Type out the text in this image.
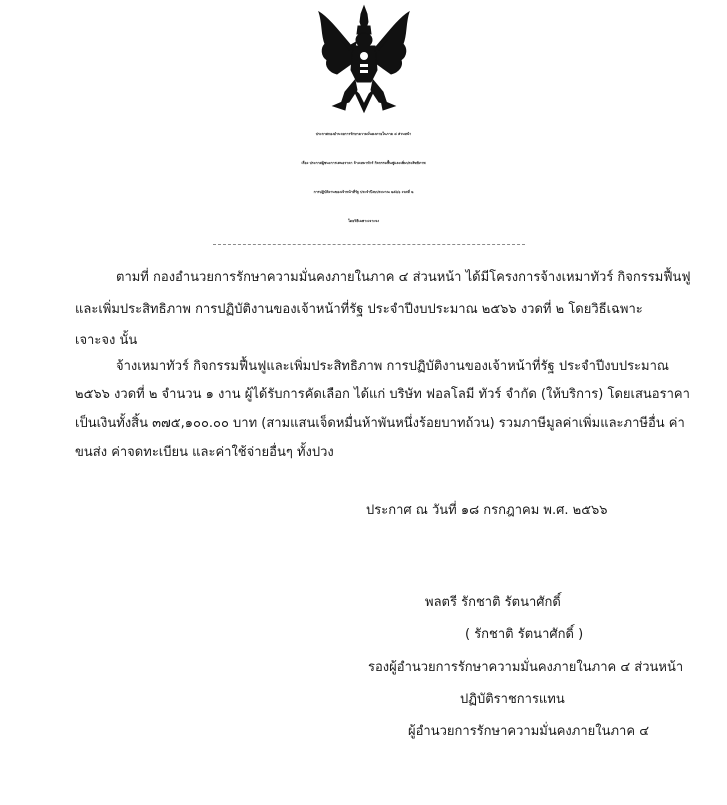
ประกาศกองอำนวยการรักษาความมั่นคงภายในภาค ๔ ส่วนหน้า
เรื่อง ประกาศผู้ชนะการเสนอราคา จ้างเหมาทัวร์ กิจกรรมฟื้นฟูและเพิ่มประสิทธิภาพ
การปฏิบัติงานของเจ้าหน้าที่รัฐ ประจำปีงบประมาณ ๒๕๖๖ งวดที่ ๒
โดยวิธีเฉพาะเจาะจง
ตามที่ กองอำนวยการรักษาความมั่นคงภายในภาค ๔ ส่วนหน้า ได้มีโครงการจ้างเหมาทัวร์ กิจกรรมฟื้นฟู
และเพิ่มประสิทธิภาพ การปฏิบัติงานของเจ้าหน้าที่รัฐ ประจำปีงบประมาณ ๒๕๖๖ งวดที่ ๒ โดยวิธีเฉพาะ
เจาะจง นั้น
จ้างเหมาทัวร์ กิจกรรมฟื้นฟูและเพิ่มประสิทธิภาพ การปฏิบัติงานของเจ้าหน้าที่รัฐ ประจำปีงบประมาณ
๒๕๖๖ งวดที่ ๒ จำนวน ๑ งาน ผู้ได้รับการคัดเลือก ได้แก่ บริษัท ฟอลโลมี ทัวร์ จำกัด (ให้บริการ) โดยเสนอราคา
เป็นเงินทั้งสิ้น ๓๗๕,๑๐๐.๐๐ บาท (สามแสนเจ็ดหมื่นห้าพันหนึ่งร้อยบาทถ้วน) รวมภาษีมูลค่าเพิ่มและภาษีอื่น ค่า
ขนส่ง ค่าจดทะเบียน และค่าใช้จ่ายอื่นๆ ทั้งปวง
ประกาศ ณ วันที่ ๑๘ กรกฎาคม พ.ศ. ๒๕๖๖
พลตรี รักชาติ รัตนาศักดิ์
( รักชาติ รัตนาศักดิ์ )
รองผู้อำนวยการรักษาความมั่นคงภายในภาค ๔ ส่วนหน้า
ปฏิบัติราชการแทน
ผู้อำนวยการรักษาความมั่นคงภายในภาค ๔
